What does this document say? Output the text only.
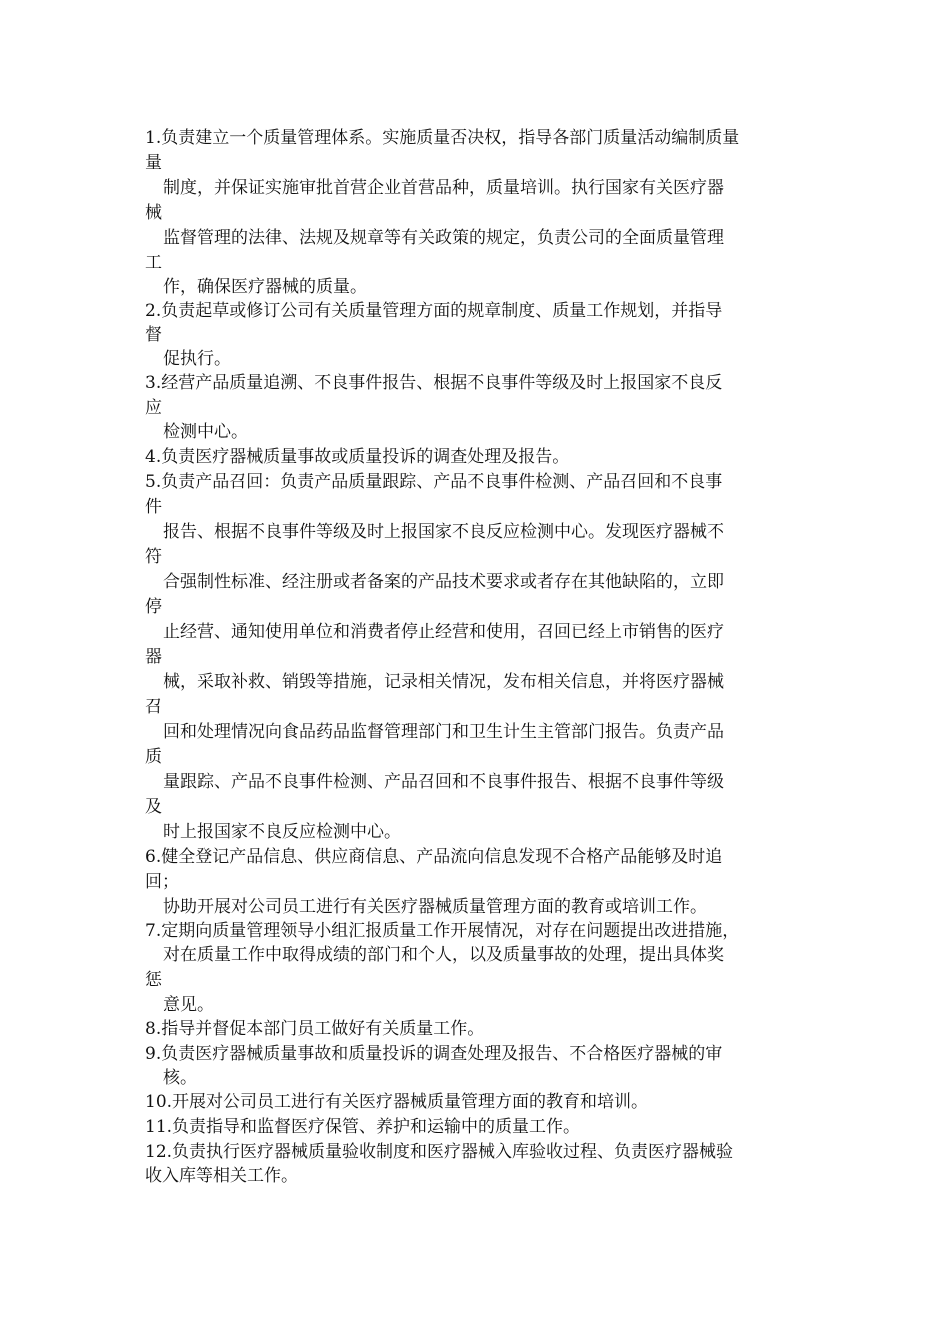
1.负责建立一个质量管理体系。实施质量否决权，指导各部门质量活动编制质量

量

制度，并保证实施审批首营企业首营品种，质量培训。执行国家有关医疗器

械

监督管理的法律、法规及规章等有关政策的规定，负责公司的全面质量管理

工

作，确保医疗器械的质量。

2.负责起草或修订公司有关质量管理方面的规章制度、质量工作规划，并指导

督

促执行。

3.经营产品质量追溯、不良事件报告、根据不良事件等级及时上报国家不良反

应

检测中心。

4.负责医疗器械质量事故或质量投诉的调查处理及报告。

5.负责产品召回：负责产品质量跟踪、产品不良事件检测、产品召回和不良事

件

报告、根据不良事件等级及时上报国家不良反应检测中心。发现医疗器械不

符

合强制性标准、经注册或者备案的产品技术要求或者存在其他缺陷的，立即

停

止经营、通知使用单位和消费者停止经营和使用，召回已经上市销售的医疗

器

械，采取补救、销毁等措施，记录相关情况，发布相关信息，并将医疗器械

召

回和处理情况向食品药品监督管理部门和卫生计生主管部门报告。负责产品

质

量跟踪、产品不良事件检测、产品召回和不良事件报告、根据不良事件等级

及

时上报国家不良反应检测中心。

6.健全登记产品信息、供应商信息、产品流向信息发现不合格产品能够及时追

回；

协助开展对公司员工进行有关医疗器械质量管理方面的教育或培训工作。

7.定期向质量管理领导小组汇报质量工作开展情况，对存在问题提出改进措施，

对在质量工作中取得成绩的部门和个人，以及质量事故的处理，提出具体奖

惩

意见。

8.指导并督促本部门员工做好有关质量工作。

9.负责医疗器械质量事故和质量投诉的调查处理及报告、不合格医疗器械的审

核。

10.开展对公司员工进行有关医疗器械质量管理方面的教育和培训。

11.负责指导和监督医疗保管、养护和运输中的质量工作。

12.负责执行医疗器械质量验收制度和医疗器械入库验收过程、负责医疗器械验

收入库等相关工作。
